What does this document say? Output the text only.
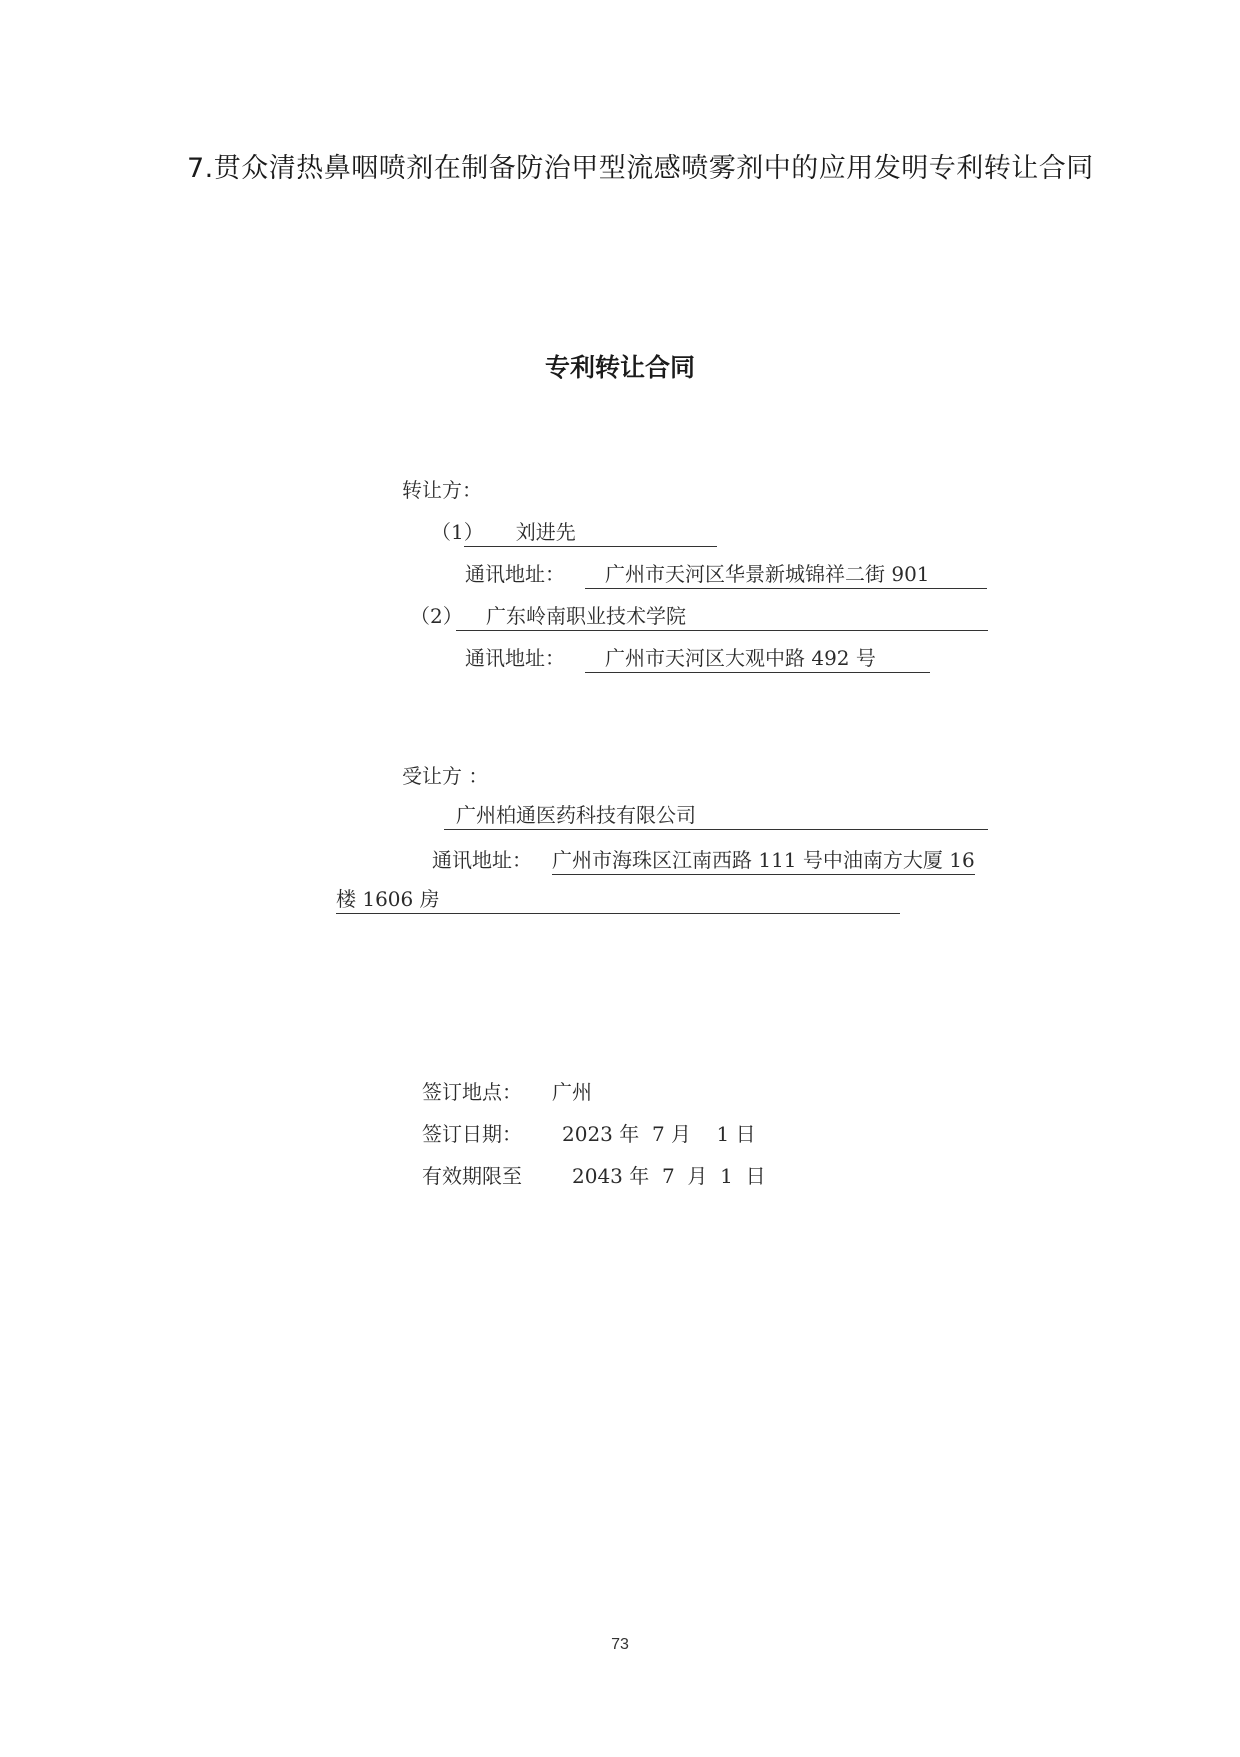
7.贯众清热鼻咽喷剂在制备防治甲型流感喷雾剂中的应用发明专利转让合同
专利转让合同
转让方：
（1） 刘进先
通讯地址： 广州市天河区华景新城锦祥二街 901
（2） 广东岭南职业技术学院
通讯地址： 广州市天河区大观中路 492 号
受让方 ：
广州柏通医药科技有限公司
通讯地址： 广州市海珠区江南西路 111 号中油南方大厦 16
楼 1606 房
签订地点： 广州
签订日期： 2023 年  7 月    1 日
有效期限至	2043 年  7  月  1  日
73
